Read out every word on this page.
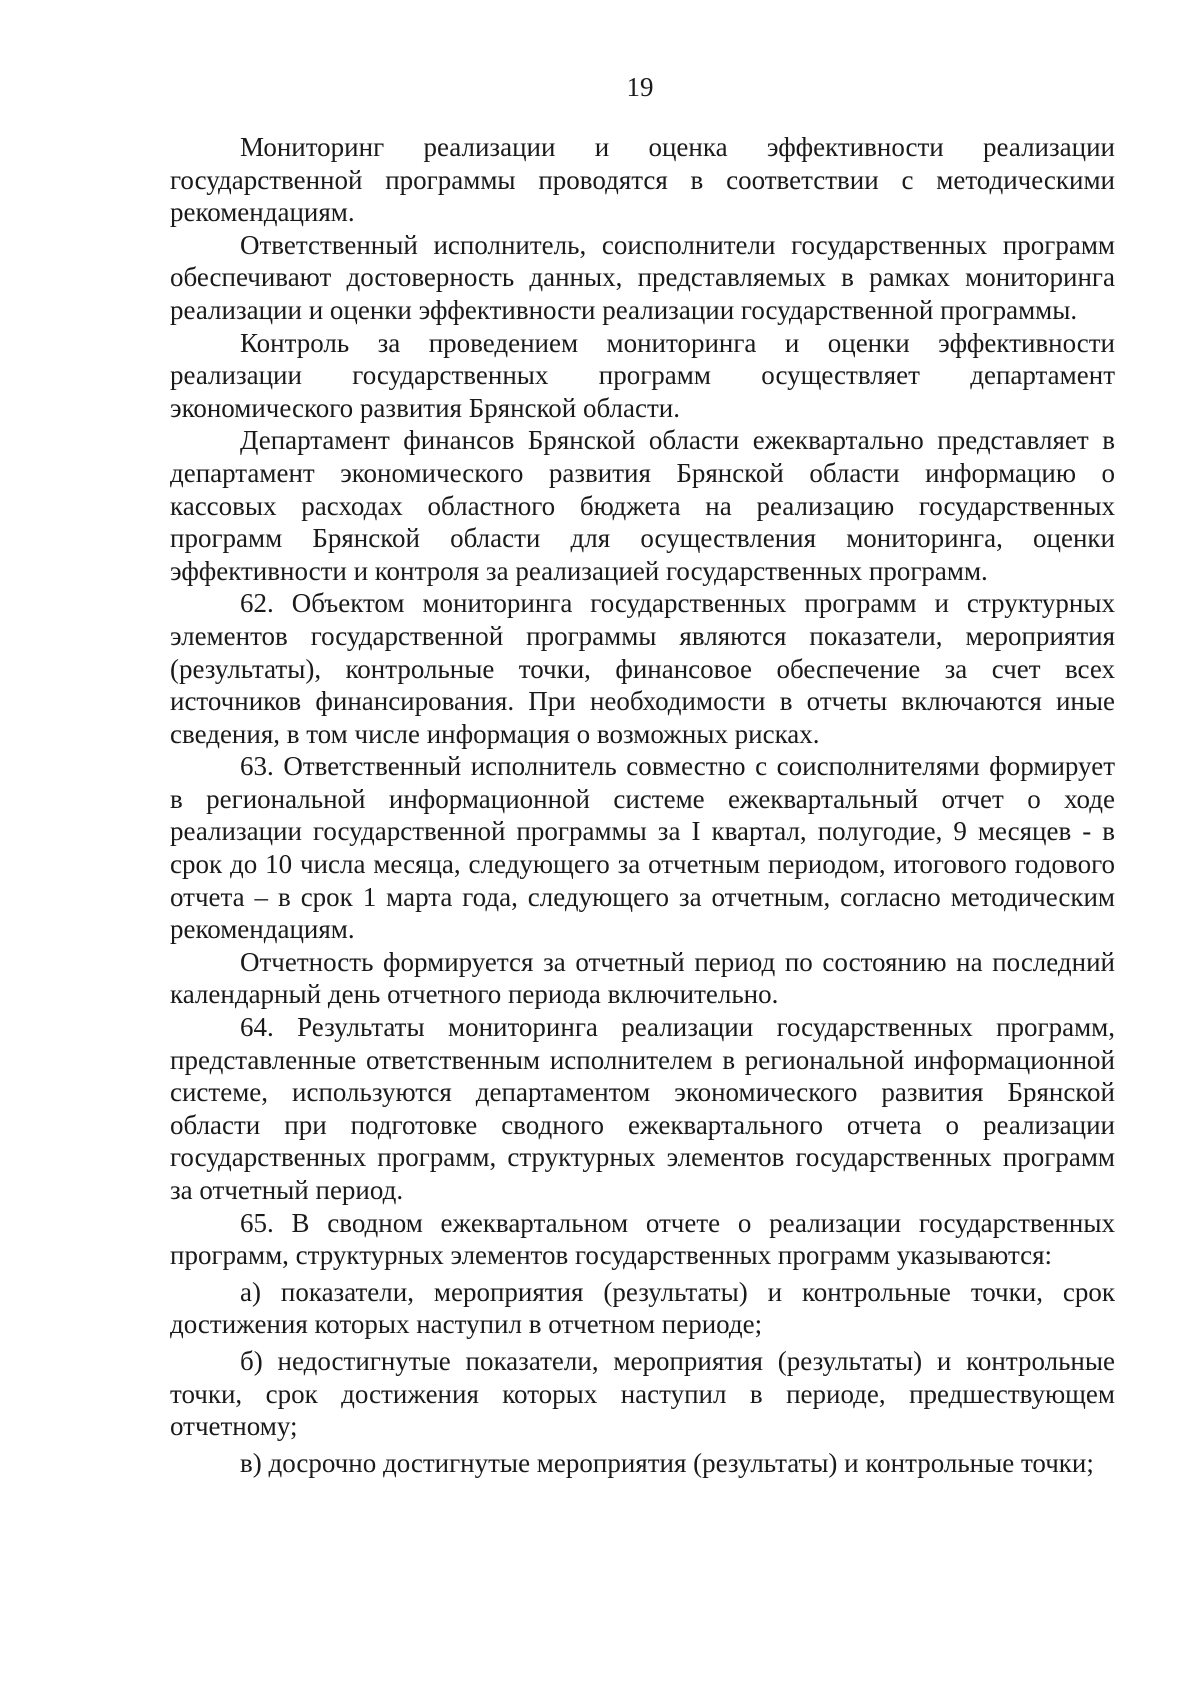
19

Мониторинг реализации и оценка эффективности реализации государственной программы проводятся в соответствии с методическими рекомендациям.

Ответственный исполнитель, соисполнители государственных программ обеспечивают достоверность данных, представляемых в рамках мониторинга реализации и оценки эффективности реализации государственной программы.

Контроль за проведением мониторинга и оценки эффективности реализации государственных программ осуществляет департамент экономического развития Брянской области.

Департамент финансов Брянской области ежеквартально представляет в департамент экономического развития Брянской области информацию о кассовых расходах областного бюджета на реализацию государственных программ Брянской области для осуществления мониторинга, оценки эффективности и контроля за реализацией государственных программ.

62. Объектом мониторинга государственных программ и структурных элементов государственной программы являются показатели, мероприятия (результаты), контрольные точки, финансовое обеспечение за счет всех источников финансирования. При необходимости в отчеты включаются иные сведения, в том числе информация о возможных рисках.

63. Ответственный исполнитель совместно с соисполнителями формирует в региональной информационной системе ежеквартальный отчет о ходе реализации государственной программы за I квартал, полугодие, 9 месяцев - в срок до 10 числа месяца, следующего за отчетным периодом, итогового годового отчета – в срок 1 марта года, следующего за отчетным, согласно методическим рекомендациям.

Отчетность формируется за отчетный период по состоянию на последний календарный день отчетного периода включительно.

64. Результаты мониторинга реализации государственных программ, представленные ответственным исполнителем в региональной информационной системе, используются департаментом экономического развития Брянской области при подготовке сводного ежеквартального отчета о реализации государственных программ, структурных элементов государственных программ за отчетный период.

65. В сводном ежеквартальном отчете о реализации государственных программ, структурных элементов государственных программ указываются:

а) показатели, мероприятия (результаты) и контрольные точки, срок достижения которых наступил в отчетном периоде;

б) недостигнутые показатели, мероприятия (результаты) и контрольные точки, срок достижения которых наступил в периоде, предшествующем отчетному;

в) досрочно достигнутые мероприятия (результаты) и контрольные точки;
